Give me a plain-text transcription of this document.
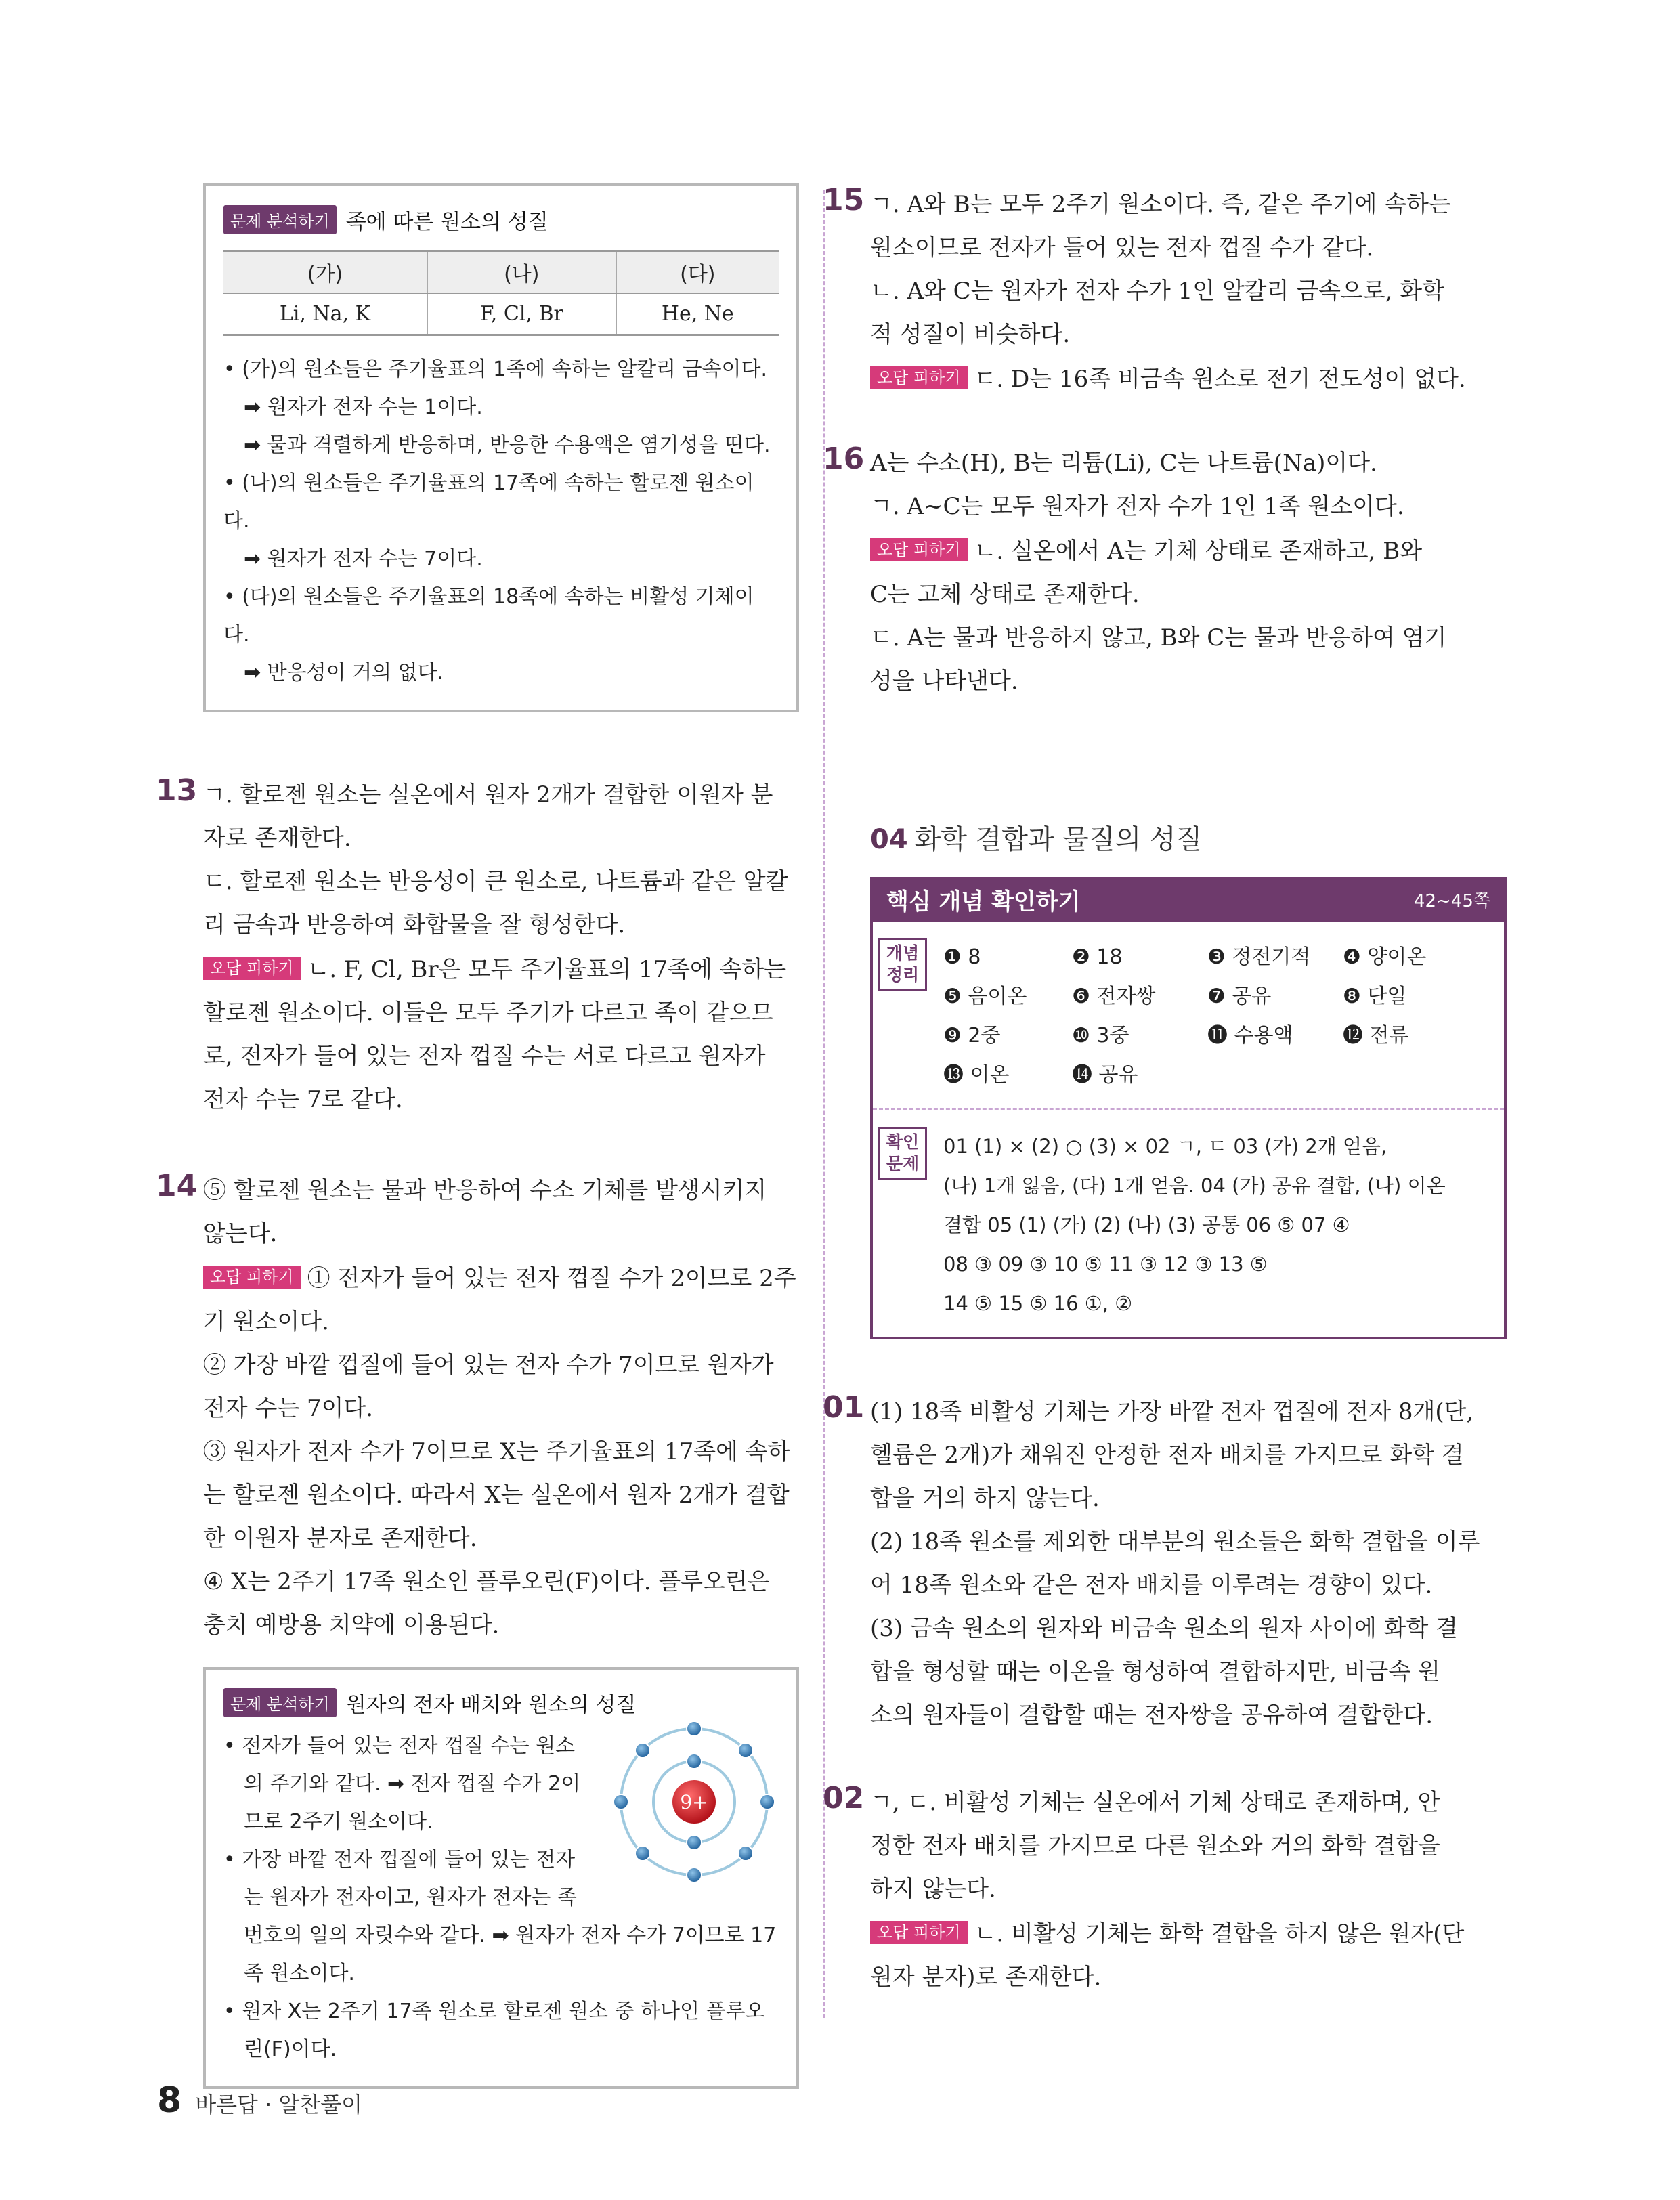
문제 분석하기 족에 따른 원소의 성질
(가)	(나)	(다)
Li, Na, K	F, Cl, Br	He, Ne
• (가)의 원소들은 주기율표의 1족에 속하는 알칼리 금속이다.
➡ 원자가 전자 수는 1이다.
➡ 물과 격렬하게 반응하며, 반응한 수용액은 염기성을 띤다.
• (나)의 원소들은 주기율표의 17족에 속하는 할로젠 원소이다.
➡ 원자가 전자 수는 7이다.
• (다)의 원소들은 주기율표의 18족에 속하는 비활성 기체이다.
➡ 반응성이 거의 없다.
13 ㄱ. 할로젠 원소는 실온에서 원자 2개가 결합한 이원자 분
자로 존재한다.
ㄷ. 할로젠 원소는 반응성이 큰 원소로, 나트륨과 같은 알칼
리 금속과 반응하여 화합물을 잘 형성한다.
오답 피하기 ㄴ. F, Cl, Br은 모두 주기율표의 17족에 속하는
할로젠 원소이다. 이들은 모두 주기가 다르고 족이 같으므
로, 전자가 들어 있는 전자 껍질 수는 서로 다르고 원자가
전자 수는 7로 같다.
14 ⑤ 할로젠 원소는 물과 반응하여 수소 기체를 발생시키지
않는다.
오답 피하기 ① 전자가 들어 있는 전자 껍질 수가 2이므로 2주
기 원소이다.
② 가장 바깥 껍질에 들어 있는 전자 수가 7이므로 원자가
전자 수는 7이다.
③ 원자가 전자 수가 7이므로 X는 주기율표의 17족에 속하
는 할로젠 원소이다. 따라서 X는 실온에서 원자 2개가 결합
한 이원자 분자로 존재한다.
④ X는 2주기 17족 원소인 플루오린(F)이다. 플루오린은
충치 예방용 치약에 이용된다.
문제 분석하기 원자의 전자 배치와 원소의 성질
9+
• 전자가 들어 있는 전자 껍질 수는 원소
의 주기와 같다. ➡ 전자 껍질 수가 2이
므로 2주기 원소이다.
• 가장 바깥 전자 껍질에 들어 있는 전자
는 원자가 전자이고, 원자가 전자는 족
번호의 일의 자릿수와 같다. ➡ 원자가 전자 수가 7이므로 17
족 원소이다.
• 원자 X는 2주기 17족 원소로 할로젠 원소 중 하나인 플루오
린(F)이다.
15 ㄱ. A와 B는 모두 2주기 원소이다. 즉, 같은 주기에 속하는
원소이므로 전자가 들어 있는 전자 껍질 수가 같다.
ㄴ. A와 C는 원자가 전자 수가 1인 알칼리 금속으로, 화학
적 성질이 비슷하다.
오답 피하기 ㄷ. D는 16족 비금속 원소로 전기 전도성이 없다.
16 A는 수소(H), B는 리튬(Li), C는 나트륨(Na)이다.
ㄱ. A~C는 모두 원자가 전자 수가 1인 1족 원소이다.
오답 피하기 ㄴ. 실온에서 A는 기체 상태로 존재하고, B와
C는 고체 상태로 존재한다.
ㄷ. A는 물과 반응하지 않고, B와 C는 물과 반응하여 염기
성을 나타낸다.
04 화학 결합과 물질의 성질
핵심 개념 확인하기	42~45쪽
개념 정리
❶ 8	❷ 18	❸ 정전기적	❹ 양이온
❺ 음이온	❻ 전자쌍	❼ 공유	❽ 단일
❾ 2중	❿ 3중	⓫ 수용액	⓬ 전류
⓭ 이온	⓮ 공유
확인 문제
01 (1) × (2) ○ (3) × 02 ㄱ, ㄷ 03 (가) 2개 얻음,
(나) 1개 잃음, (다) 1개 얻음. 04 (가) 공유 결합, (나) 이온
결합 05 (1) (가) (2) (나) (3) 공통 06 ⑤ 07 ④
08 ③ 09 ③ 10 ⑤ 11 ③ 12 ③ 13 ⑤
14 ⑤ 15 ⑤ 16 ①, ②
01 (1) 18족 비활성 기체는 가장 바깥 전자 껍질에 전자 8개(단,
헬륨은 2개)가 채워진 안정한 전자 배치를 가지므로 화학 결
합을 거의 하지 않는다.
(2) 18족 원소를 제외한 대부분의 원소들은 화학 결합을 이루
어 18족 원소와 같은 전자 배치를 이루려는 경향이 있다.
(3) 금속 원소의 원자와 비금속 원소의 원자 사이에 화학 결
합을 형성할 때는 이온을 형성하여 결합하지만, 비금속 원
소의 원자들이 결합할 때는 전자쌍을 공유하여 결합한다.
02 ㄱ, ㄷ. 비활성 기체는 실온에서 기체 상태로 존재하며, 안
정한 전자 배치를 가지므로 다른 원소와 거의 화학 결합을
하지 않는다.
오답 피하기 ㄴ. 비활성 기체는 화학 결합을 하지 않은 원자(단
원자 분자)로 존재한다.
8 바른답 · 알찬풀이
